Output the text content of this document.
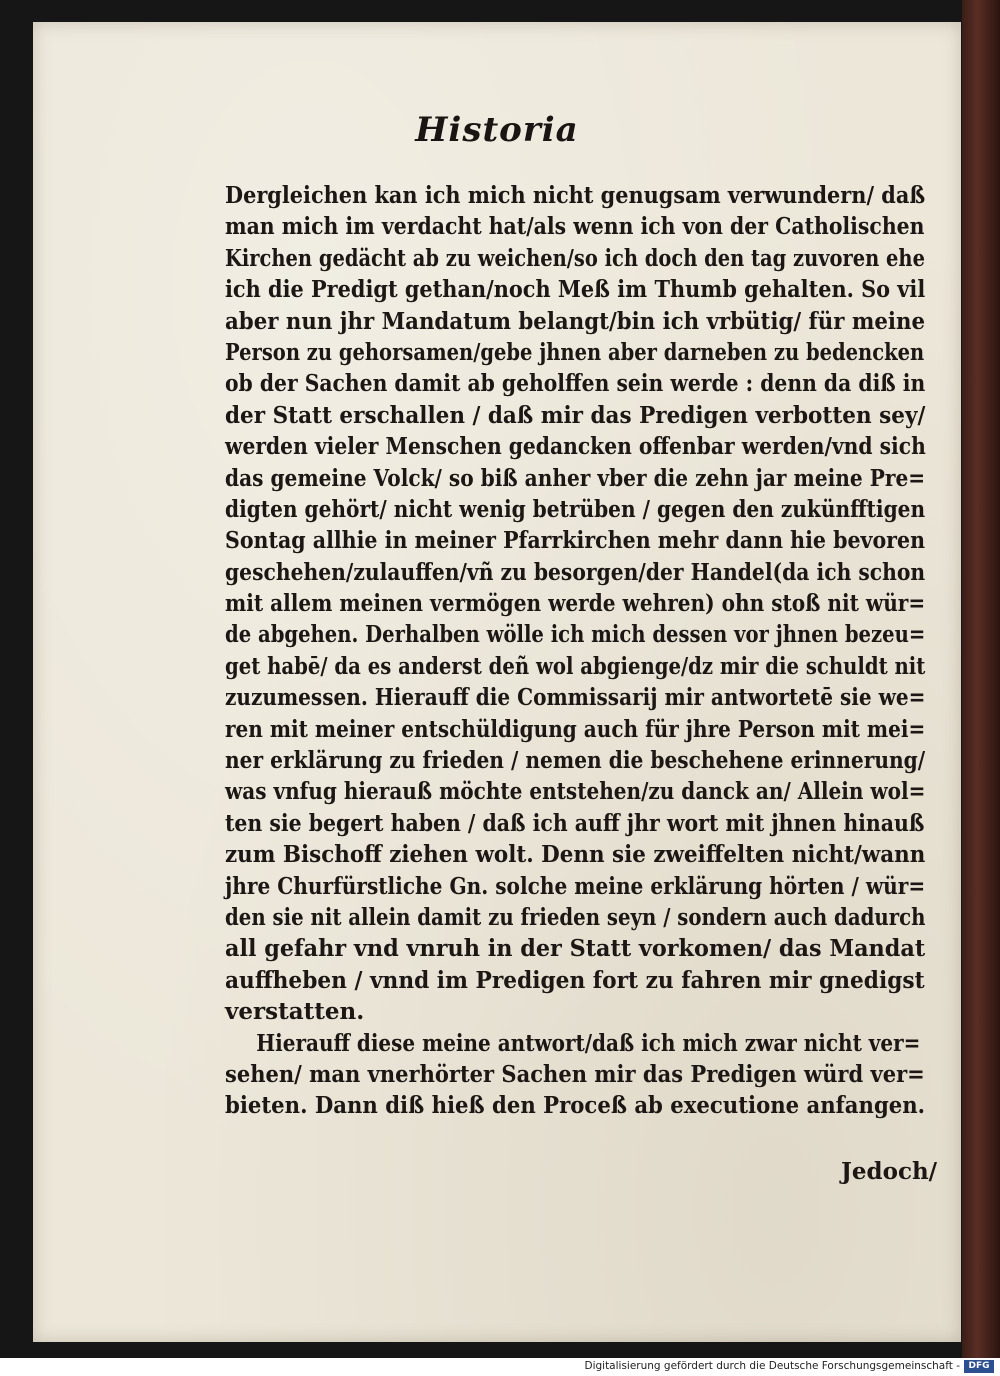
Historia
Dergleichen kan ich mich nicht genugsam verwundern/ daß
man mich im verdacht hat/als wenn ich von der Catholischen
Kirchen gedächt ab zu weichen/so ich doch den tag zuvoren ehe
ich die Predigt gethan/noch Meß im Thumb gehalten. So vil
aber nun jhr Mandatum belangt/bin ich vrbütig/ für meine
Person zu gehorsamen/gebe jhnen aber darneben zu bedencken
ob der Sachen damit ab geholffen sein werde : denn da diß in
der Statt erschallen / daß mir das Predigen verbotten sey/
werden vieler Menschen gedancken offenbar werden/vnd sich
das gemeine Volck/ so biß anher vber die zehn jar meine Pre=
digten gehört/ nicht wenig betrüben / gegen den zukünfftigen
Sontag allhie in meiner Pfarrkirchen mehr dann hie bevoren
geschehen/zulauffen/vñ zu besorgen/der Handel(da ich schon
mit allem meinen vermögen werde wehren) ohn stoß nit wür=
de abgehen. Derhalben wölle ich mich dessen vor jhnen bezeu=
get habē/ da es anderst deñ wol abgienge/dz mir die schuldt nit
zuzumessen. Hierauff die Commissarij mir antwortetē sie we=
ren mit meiner entschüldigung auch für jhre Person mit mei=
ner erklärung zu frieden / nemen die beschehene erinnerung/
was vnfug hierauß möchte entstehen/zu danck an/ Allein wol=
ten sie begert haben / daß ich auff jhr wort mit jhnen hinauß
zum Bischoff ziehen wolt. Denn sie zweiffelten nicht/wann
jhre Churfürstliche Gn. solche meine erklärung hörten / wür=
den sie nit allein damit zu frieden seyn / sondern auch dadurch
all gefahr vnd vnruh in der Statt vorkomen/ das Mandat
auffheben / vnnd im Predigen fort zu fahren mir gnedigst
verstatten.
Hierauff diese meine antwort/daß ich mich zwar nicht ver=
sehen/ man vnerhörter Sachen mir das Predigen würd ver=
bieten. Dann diß hieß den Proceß ab executione anfangen.
Jedoch/
Digitalisierung gefördert durch die Deutsche Forschungsgemeinschaft - DFG
